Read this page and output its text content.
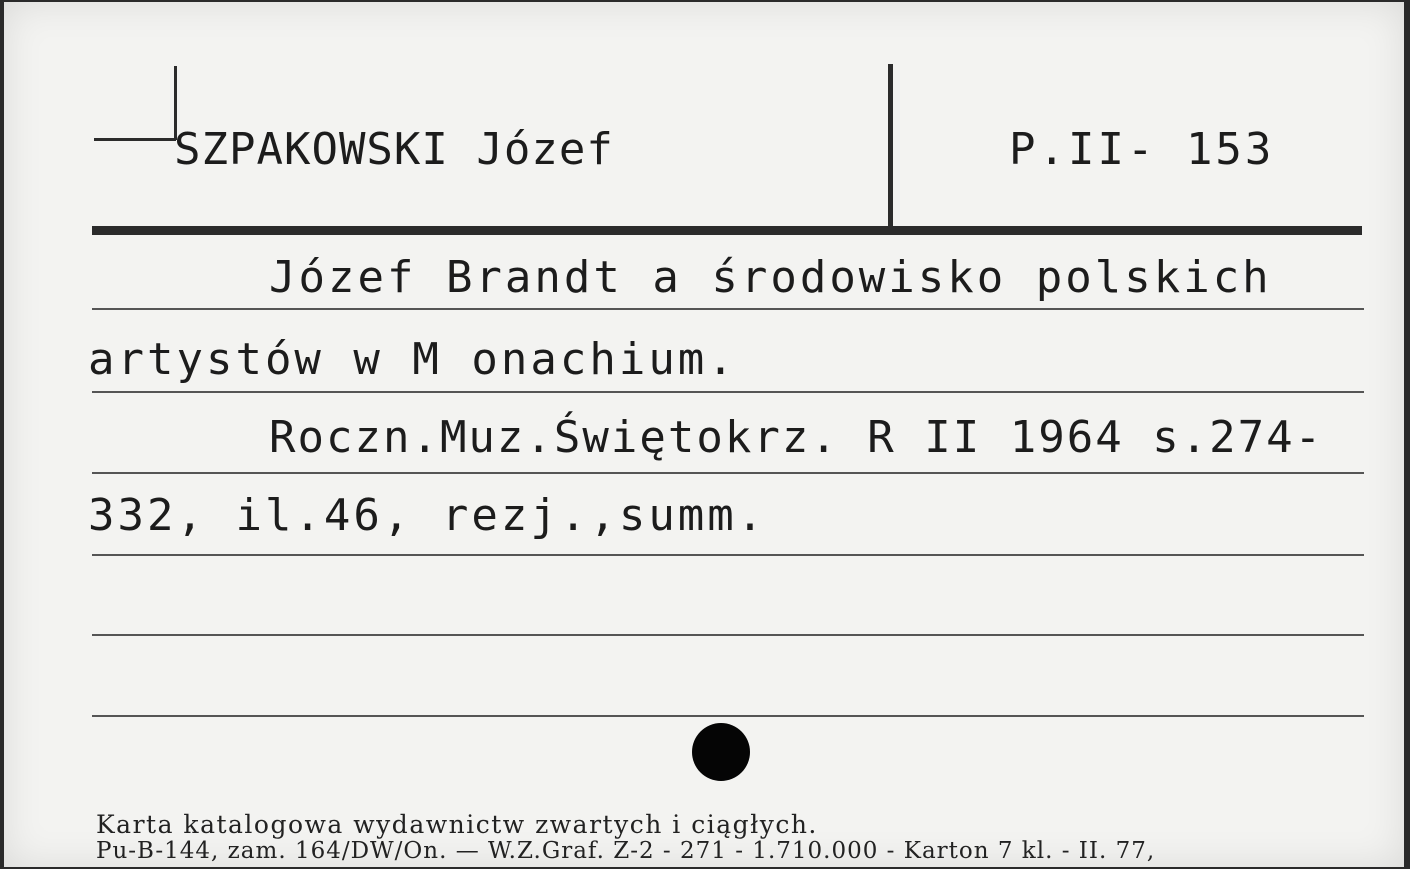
SZPAKOWSKI Józef	P.II- 153
Józef Brandt a środowisko polskich
artystów w M onachium.
Roczn.Muz.Świętokrz. R II 1964 s.274-
332, il.46, rezj.,summ.
Karta katalogowa wydawnictw zwartych i ciągłych.
Pu-B-144, zam. 164/DW/On. — W.Z.Graf. Z-2 - 271 - 1.710.000 - Karton 7 kl. - II. 77,
